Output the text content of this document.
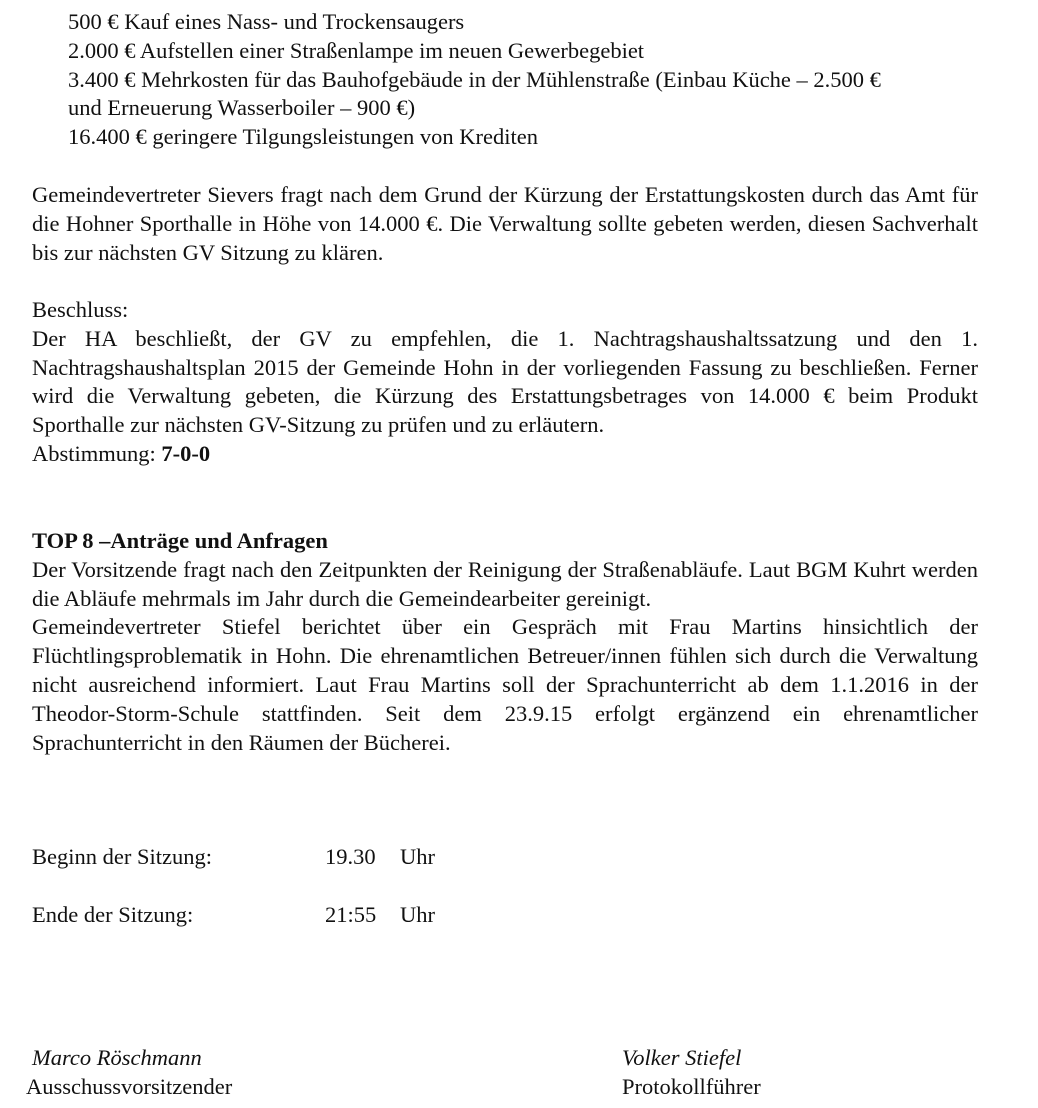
500 € Kauf eines Nass- und Trockensaugers
2.000 € Aufstellen einer Straßenlampe im neuen Gewerbegebiet
3.400 € Mehrkosten für das Bauhofgebäude in der Mühlenstraße (Einbau Küche – 2.500 €
und Erneuerung Wasserboiler – 900 €)
16.400 € geringere Tilgungsleistungen von Krediten

Gemeindevertreter Sievers fragt nach dem Grund der Kürzung der Erstattungskosten durch das Amt für die Hohner Sporthalle in Höhe von 14.000 €. Die Verwaltung sollte gebeten werden, diesen Sachverhalt bis zur nächsten GV Sitzung zu klären.

Beschluss:
Der HA beschließt, der GV zu empfehlen, die 1. Nachtragshaushaltssatzung und den 1. Nachtragshaushaltsplan 2015 der Gemeinde Hohn in der vorliegenden Fassung zu beschließen. Ferner wird die Verwaltung gebeten, die Kürzung des Erstattungsbetrages von 14.000 € beim Produkt Sporthalle zur nächsten GV-Sitzung zu prüfen und zu erläutern.
Abstimmung: 7-0-0
TOP 8 –Anträge und Anfragen
Der Vorsitzende fragt nach den Zeitpunkten der Reinigung der Straßenabläufe. Laut BGM Kuhrt werden die Abläufe mehrmals im Jahr durch die Gemeindearbeiter gereinigt.
Gemeindevertreter Stiefel berichtet über ein Gespräch mit Frau Martins hinsichtlich der Flüchtlingsproblematik in Hohn. Die ehrenamtlichen Betreuer/innen fühlen sich durch die Verwaltung nicht ausreichend informiert. Laut Frau Martins soll der Sprachunterricht ab dem 1.1.2016 in der Theodor-Storm-Schule stattfinden. Seit dem 23.9.15 erfolgt ergänzend ein ehrenamtlicher Sprachunterricht in den Räumen der Bücherei.
Beginn der Sitzung:	19.30 Uhr
Ende der Sitzung:	21:55 Uhr
Marco Röschmann
Ausschussvorsitzender
Volker Stiefel
Protokollführer
